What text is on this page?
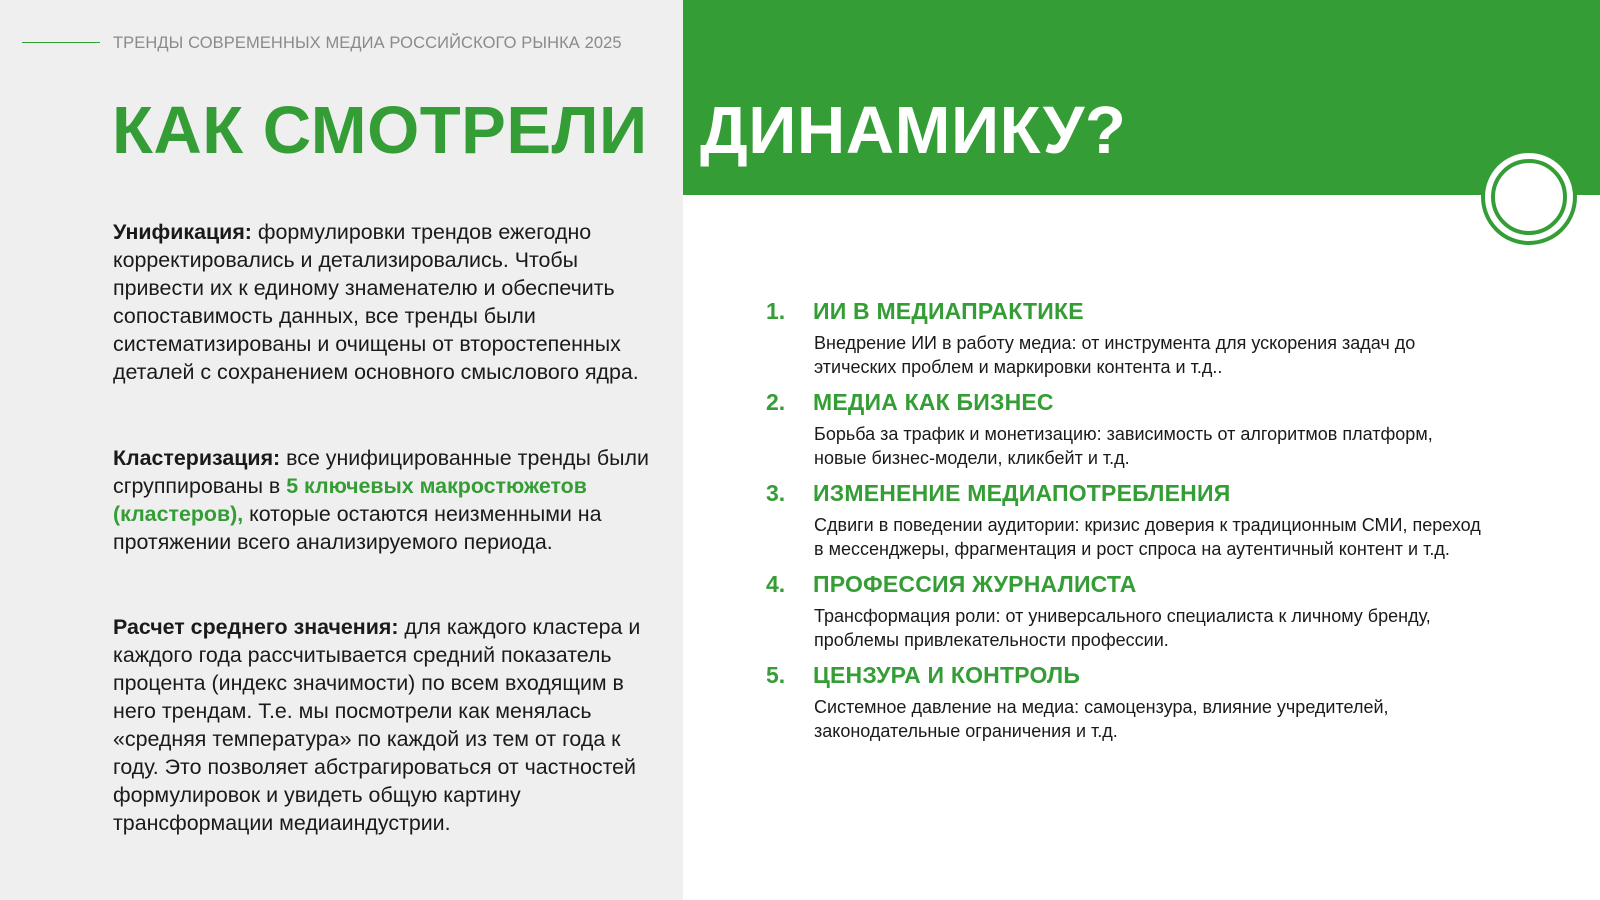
ТРЕНДЫ СОВРЕМЕННЫХ МЕДИА РОССИЙСКОГО РЫНКА 2025
КАК СМОТРЕЛИ ДИНАМИКУ?

Унификация: формулировки трендов ежегодно корректировались и детализировались. Чтобы привести их к единому знаменателю и обеспечить сопоставимость данных, все тренды были систематизированы и очищены от второстепенных деталей с сохранением основного смыслового ядра.

Кластеризация: все унифицированные тренды были сгруппированы в 5 ключевых макростюжетов (кластеров), которые остаются неизменными на протяжении всего анализируемого периода.

Расчет среднего значения: для каждого кластера и каждого года рассчитывается средний показатель процента (индекс значимости) по всем входящим в него трендам. Т.е. мы посмотрели как менялась «средняя температура» по каждой из тем от года к году. Это позволяет абстрагироваться от частностей формулировок и увидеть общую картину трансформации медиаиндустрии.

1.	ИИ В МЕДИАПРАКТИКЕ
Внедрение ИИ в работу медиа: от инструмента для ускорения задач до этических проблем и маркировки контента и т.д..
2.	МЕДИА КАК БИЗНЕС
Борьба за трафик и монетизацию: зависимость от алгоритмов платформ, новые бизнес-модели, кликбейт и т.д.
3.	ИЗМЕНЕНИЕ МЕДИАПОТРЕБЛЕНИЯ
Сдвиги в поведении аудитории: кризис доверия к традиционным СМИ, переход в мессенджеры, фрагментация и рост спроса на аутентичный контент и т.д.
4.	ПРОФЕССИЯ ЖУРНАЛИСТА
Трансформация роли: от универсального специалиста к личному бренду, проблемы привлекательности профессии.
5.	ЦЕНЗУРА И КОНТРОЛЬ
Системное давление на медиа: самоцензура, влияние учредителей, законодательные ограничения и т.д.
